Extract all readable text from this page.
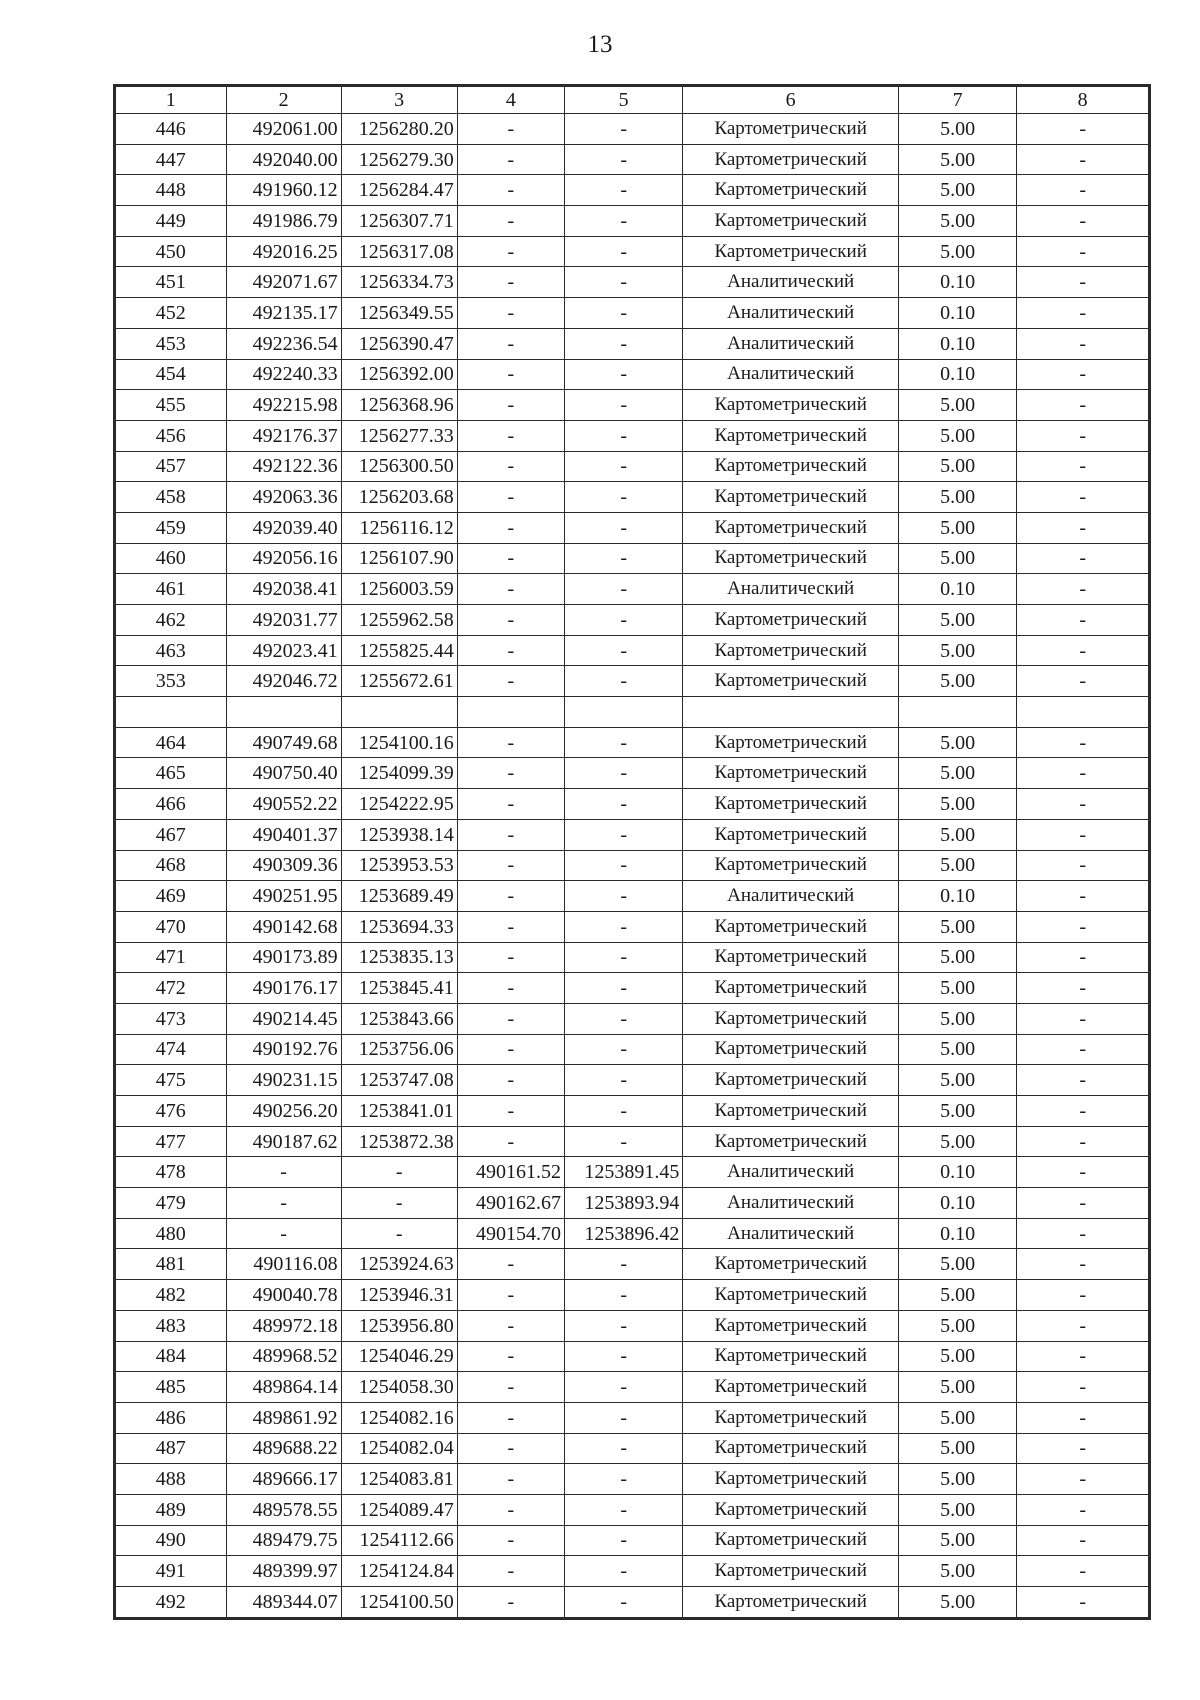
13
1	2	3	4	5	6	7	8
446	492061.00	1256280.20	-	-	Картометрический	5.00	-
447	492040.00	1256279.30	-	-	Картометрический	5.00	-
448	491960.12	1256284.47	-	-	Картометрический	5.00	-
449	491986.79	1256307.71	-	-	Картометрический	5.00	-
450	492016.25	1256317.08	-	-	Картометрический	5.00	-
451	492071.67	1256334.73	-	-	Аналитический	0.10	-
452	492135.17	1256349.55	-	-	Аналитический	0.10	-
453	492236.54	1256390.47	-	-	Аналитический	0.10	-
454	492240.33	1256392.00	-	-	Аналитический	0.10	-
455	492215.98	1256368.96	-	-	Картометрический	5.00	-
456	492176.37	1256277.33	-	-	Картометрический	5.00	-
457	492122.36	1256300.50	-	-	Картометрический	5.00	-
458	492063.36	1256203.68	-	-	Картометрический	5.00	-
459	492039.40	1256116.12	-	-	Картометрический	5.00	-
460	492056.16	1256107.90	-	-	Картометрический	5.00	-
461	492038.41	1256003.59	-	-	Аналитический	0.10	-
462	492031.77	1255962.58	-	-	Картометрический	5.00	-
463	492023.41	1255825.44	-	-	Картометрический	5.00	-
353	492046.72	1255672.61	-	-	Картометрический	5.00	-

464	490749.68	1254100.16	-	-	Картометрический	5.00	-
465	490750.40	1254099.39	-	-	Картометрический	5.00	-
466	490552.22	1254222.95	-	-	Картометрический	5.00	-
467	490401.37	1253938.14	-	-	Картометрический	5.00	-
468	490309.36	1253953.53	-	-	Картометрический	5.00	-
469	490251.95	1253689.49	-	-	Аналитический	0.10	-
470	490142.68	1253694.33	-	-	Картометрический	5.00	-
471	490173.89	1253835.13	-	-	Картометрический	5.00	-
472	490176.17	1253845.41	-	-	Картометрический	5.00	-
473	490214.45	1253843.66	-	-	Картометрический	5.00	-
474	490192.76	1253756.06	-	-	Картометрический	5.00	-
475	490231.15	1253747.08	-	-	Картометрический	5.00	-
476	490256.20	1253841.01	-	-	Картометрический	5.00	-
477	490187.62	1253872.38	-	-	Картометрический	5.00	-
478	-	-	490161.52	1253891.45	Аналитический	0.10	-
479	-	-	490162.67	1253893.94	Аналитический	0.10	-
480	-	-	490154.70	1253896.42	Аналитический	0.10	-
481	490116.08	1253924.63	-	-	Картометрический	5.00	-
482	490040.78	1253946.31	-	-	Картометрический	5.00	-
483	489972.18	1253956.80	-	-	Картометрический	5.00	-
484	489968.52	1254046.29	-	-	Картометрический	5.00	-
485	489864.14	1254058.30	-	-	Картометрический	5.00	-
486	489861.92	1254082.16	-	-	Картометрический	5.00	-
487	489688.22	1254082.04	-	-	Картометрический	5.00	-
488	489666.17	1254083.81	-	-	Картометрический	5.00	-
489	489578.55	1254089.47	-	-	Картометрический	5.00	-
490	489479.75	1254112.66	-	-	Картометрический	5.00	-
491	489399.97	1254124.84	-	-	Картометрический	5.00	-
492	489344.07	1254100.50	-	-	Картометрический	5.00	-
